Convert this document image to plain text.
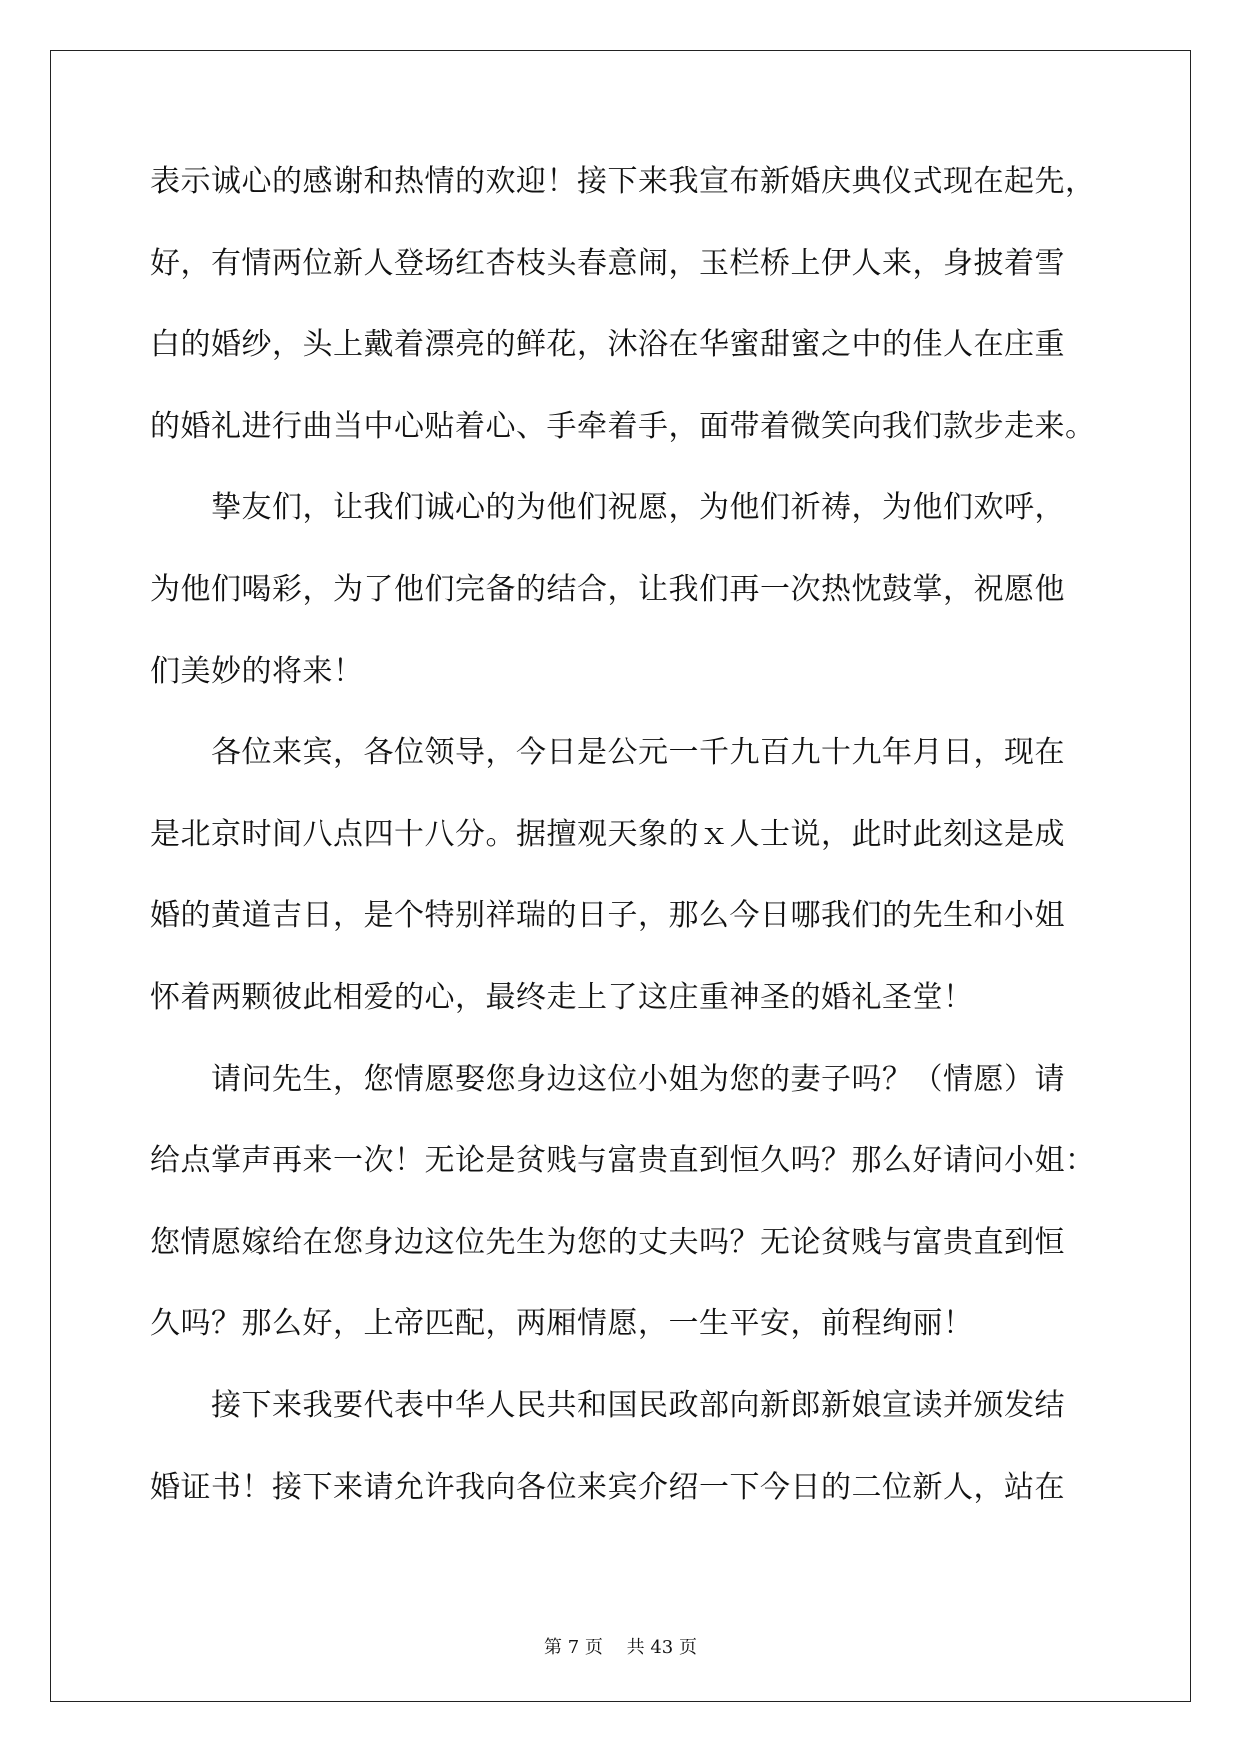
表示诚心的感谢和热情的欢迎！接下来我宣布新婚庆典仪式现在起先，
好，有情两位新人登场红杏枝头春意闹，玉栏桥上伊人来，身披着雪
白的婚纱，头上戴着漂亮的鲜花，沐浴在华蜜甜蜜之中的佳人在庄重
的婚礼进行曲当中心贴着心、手牵着手，面带着微笑向我们款步走来。
　　挚友们，让我们诚心的为他们祝愿，为他们祈祷，为他们欢呼，
为他们喝彩，为了他们完备的结合，让我们再一次热忱鼓掌，祝愿他
们美妙的将来！
　　各位来宾，各位领导，今日是公元一千九百九十九年月日，现在
是北京时间八点四十八分。据擅观天象的ｘ人士说，此时此刻这是成
婚的黄道吉日，是个特别祥瑞的日子，那么今日哪我们的先生和小姐
怀着两颗彼此相爱的心，最终走上了这庄重神圣的婚礼圣堂！
　　请问先生，您情愿娶您身边这位小姐为您的妻子吗？（情愿）请
给点掌声再来一次！无论是贫贱与富贵直到恒久吗？那么好请问小姐：
您情愿嫁给在您身边这位先生为您的丈夫吗？无论贫贱与富贵直到恒
久吗？那么好，上帝匹配，两厢情愿，一生平安，前程绚丽！
　　接下来我要代表中华人民共和国民政部向新郎新娘宣读并颁发结
婚证书！接下来请允许我向各位来宾介绍一下今日的二位新人，站在
第 7 页　 共 43 页
